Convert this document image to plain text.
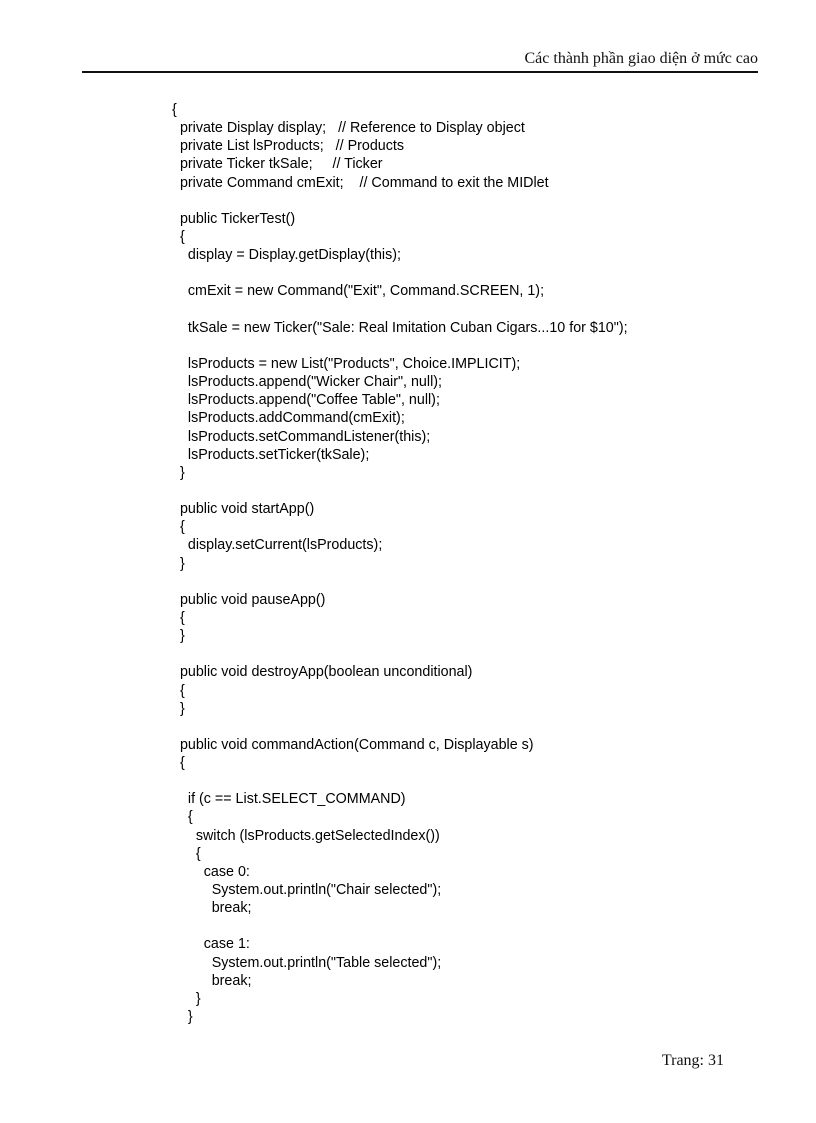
Các thành phần giao diện ở mức cao
{
private Display display;   // Reference to Display object
private List lsProducts;   // Products
private Ticker tkSale;     // Ticker
private Command cmExit;    // Command to exit the MIDlet
public TickerTest()
{
display = Display.getDisplay(this);
cmExit = new Command("Exit", Command.SCREEN, 1);
tkSale = new Ticker("Sale: Real Imitation Cuban Cigars...10 for $10");
lsProducts = new List("Products", Choice.IMPLICIT);
lsProducts.append("Wicker Chair", null);
lsProducts.append("Coffee Table", null);
lsProducts.addCommand(cmExit);
lsProducts.setCommandListener(this);
lsProducts.setTicker(tkSale);
}
public void startApp()
{
display.setCurrent(lsProducts);
}
public void pauseApp()
{
}
public void destroyApp(boolean unconditional)
{
}
public void commandAction(Command c, Displayable s)
{
if (c == List.SELECT_COMMAND)
{
switch (lsProducts.getSelectedIndex())
{
case 0:
System.out.println("Chair selected");
break;
case 1:
System.out.println("Table selected");
break;
}
}
Trang: 31
